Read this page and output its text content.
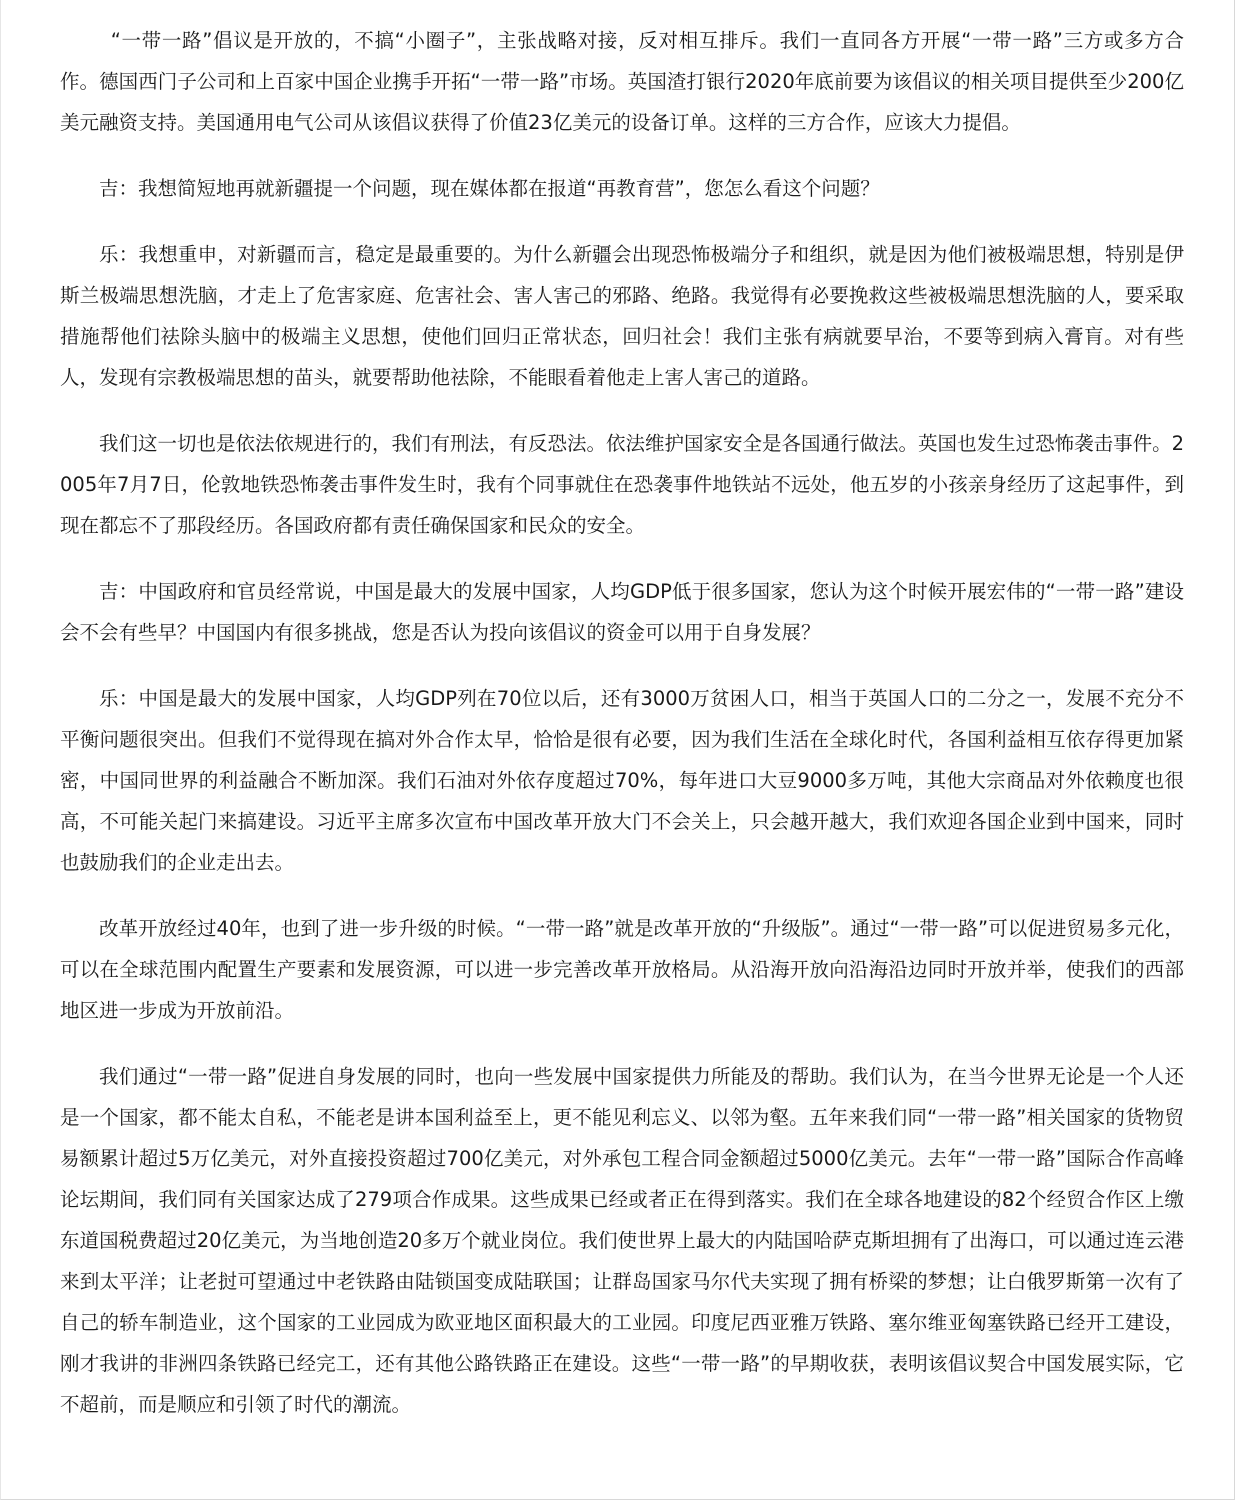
“一带一路”倡议是开放的，不搞“小圈子”，主张战略对接，反对相互排斥。我们一直同各方开展“一带一路”三方或多方合作。德国西门子公司和上百家中国企业携手开拓“一带一路”市场。英国渣打银行2020年底前要为该倡议的相关项目提供至少200亿美元融资支持。美国通用电气公司从该倡议获得了价值23亿美元的设备订单。这样的三方合作，应该大力提倡。

吉：我想简短地再就新疆提一个问题，现在媒体都在报道“再教育营”，您怎么看这个问题？

乐：我想重申，对新疆而言，稳定是最重要的。为什么新疆会出现恐怖极端分子和组织，就是因为他们被极端思想，特别是伊斯兰极端思想洗脑，才走上了危害家庭、危害社会、害人害己的邪路、绝路。我觉得有必要挽救这些被极端思想洗脑的人，要采取措施帮他们祛除头脑中的极端主义思想，使他们回归正常状态，回归社会！我们主张有病就要早治，不要等到病入膏肓。对有些人，发现有宗教极端思想的苗头，就要帮助他祛除，不能眼看着他走上害人害己的道路。

我们这一切也是依法依规进行的，我们有刑法，有反恐法。依法维护国家安全是各国通行做法。英国也发生过恐怖袭击事件。2005年7月7日，伦敦地铁恐怖袭击事件发生时，我有个同事就住在恐袭事件地铁站不远处，他五岁的小孩亲身经历了这起事件，到现在都忘不了那段经历。各国政府都有责任确保国家和民众的安全。

吉：中国政府和官员经常说，中国是最大的发展中国家，人均GDP低于很多国家，您认为这个时候开展宏伟的“一带一路”建设会不会有些早？中国国内有很多挑战，您是否认为投向该倡议的资金可以用于自身发展？

乐：中国是最大的发展中国家，人均GDP列在70位以后，还有3000万贫困人口，相当于英国人口的二分之一，发展不充分不平衡问题很突出。但我们不觉得现在搞对外合作太早，恰恰是很有必要，因为我们生活在全球化时代，各国利益相互依存得更加紧密，中国同世界的利益融合不断加深。我们石油对外依存度超过70%，每年进口大豆9000多万吨，其他大宗商品对外依赖度也很高，不可能关起门来搞建设。习近平主席多次宣布中国改革开放大门不会关上，只会越开越大，我们欢迎各国企业到中国来，同时也鼓励我们的企业走出去。

改革开放经过40年，也到了进一步升级的时候。“一带一路”就是改革开放的“升级版”。通过“一带一路”可以促进贸易多元化，可以在全球范围内配置生产要素和发展资源，可以进一步完善改革开放格局。从沿海开放向沿海沿边同时开放并举，使我们的西部地区进一步成为开放前沿。

我们通过“一带一路”促进自身发展的同时，也向一些发展中国家提供力所能及的帮助。我们认为，在当今世界无论是一个人还是一个国家，都不能太自私，不能老是讲本国利益至上，更不能见利忘义、以邻为壑。五年来我们同“一带一路”相关国家的货物贸易额累计超过5万亿美元，对外直接投资超过700亿美元，对外承包工程合同金额超过5000亿美元。去年“一带一路”国际合作高峰论坛期间，我们同有关国家达成了279项合作成果。这些成果已经或者正在得到落实。我们在全球各地建设的82个经贸合作区上缴东道国税费超过20亿美元，为当地创造20多万个就业岗位。我们使世界上最大的内陆国哈萨克斯坦拥有了出海口，可以通过连云港来到太平洋；让老挝可望通过中老铁路由陆锁国变成陆联国；让群岛国家马尔代夫实现了拥有桥梁的梦想；让白俄罗斯第一次有了自己的轿车制造业，这个国家的工业园成为欧亚地区面积最大的工业园。印度尼西亚雅万铁路、塞尔维亚匈塞铁路已经开工建设，刚才我讲的非洲四条铁路已经完工，还有其他公路铁路正在建设。这些“一带一路”的早期收获，表明该倡议契合中国发展实际，它不超前，而是顺应和引领了时代的潮流。
